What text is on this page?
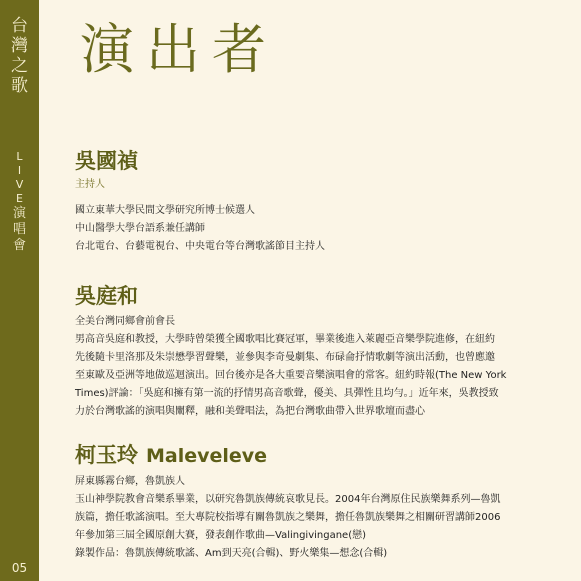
台
灣
之
歌
L
I
V
E
演
唱
會
05
演出者
吳國禎
主持人
國立東華大學民間文學研究所博士候選人
中山醫學大學台語系兼任講師
台北電台、台藝電視台、中央電台等台灣歌謠節目主持人
吳庭和
全美台灣同鄉會前會長
男高音吳庭和教授，大學時曾榮獲全國歌唱比賽冠軍，畢業後進入萊麗亞音樂學院進修，在紐約
先後隨卡里洛那及朱崇懋學習聲樂，並參與李奇曼劇集、布碌侖抒情歌劇等演出活動，也曾應邀
至東歐及亞洲等地做巡迴演出。回台後亦是各大重要音樂演唱會的常客。紐約時報(The New York
Times)評論：「吳庭和擁有第一流的抒情男高音歌聲，優美、具彈性且均勻。」近年來，吳教授致
力於台灣歌謠的演唱與闡釋，融和美聲唱法，為把台灣歌曲帶入世界歌壇而盡心
柯玉玲 Maleveleve
屏東縣霧台鄉，魯凱族人
玉山神學院教會音樂系畢業，以研究魯凱族傳統哀歌見長。2004年台灣原住民族樂舞系列—魯凱
族篇，擔任歌謠演唱。至大專院校指導有關魯凱族之樂舞，擔任魯凱族樂舞之相關研習講師2006
年參加第三屆全國原創大賽，發表創作歌曲—Valingivingane(戀)
錄製作品：魯凱族傳統歌謠、Am到天亮(合輯)、野火樂集—想念(合輯)
